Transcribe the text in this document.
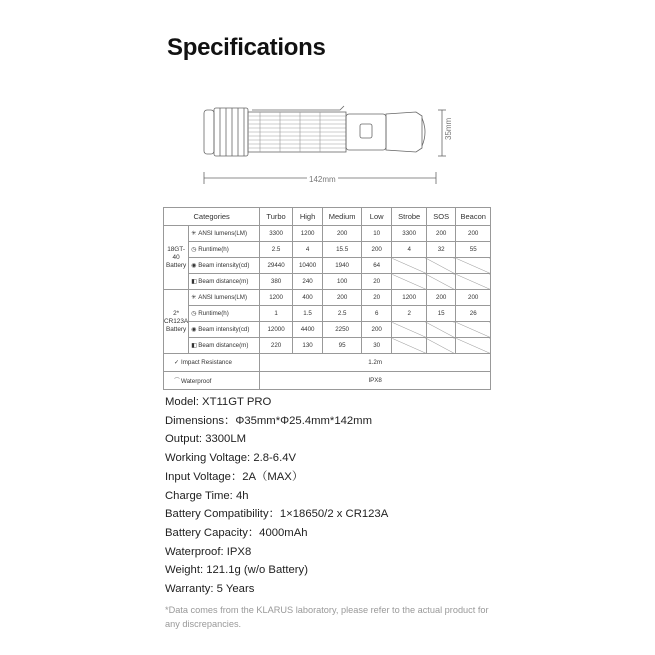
Specifications
35mm
142mm
Categories		Turbo	High	Medium	Low	Strobe	SOS	Beacon
18GT-40 Battery	✳ ANSI lumens(LM)	3300	1200	200	10	3300	200	200
	◷ Runtime(h)	2.5	4	15.5	200	4	32	55
	◉ Beam intensity(cd)	29440	10400	1940	64			
	◧Beam distance(m)	380	240	100	20			
2* CR123A Battery	✳ ANSI lumens(LM)	1200	400	200	20	1200	200	200
	◷ Runtime(h)	1	1.5	2.5	6	2	15	26
	◉ Beam intensity(cd)	12000	4400	2250	200			
	◧Beam distance(m)	220	130	95	30			
✓ Impact Resistance		1.2m						
⌒Waterproof		IPX8						
Model: XT11GT PRO
Dimensions：Φ35mm*Φ25.4mm*142mm
Output: 3300LM
Working Voltage: 2.8-6.4V
Input Voltage：2A（MAX）
Charge Time: 4h
Battery Compatibility：1×18650/2 x CR123A
Battery Capacity：4000mAh
Waterproof: IPX8
Weight: 121.1g (w/o Battery)
Warranty: 5 Years
*Data comes from the KLARUS laboratory, please refer to the actual product for any discrepancies.
